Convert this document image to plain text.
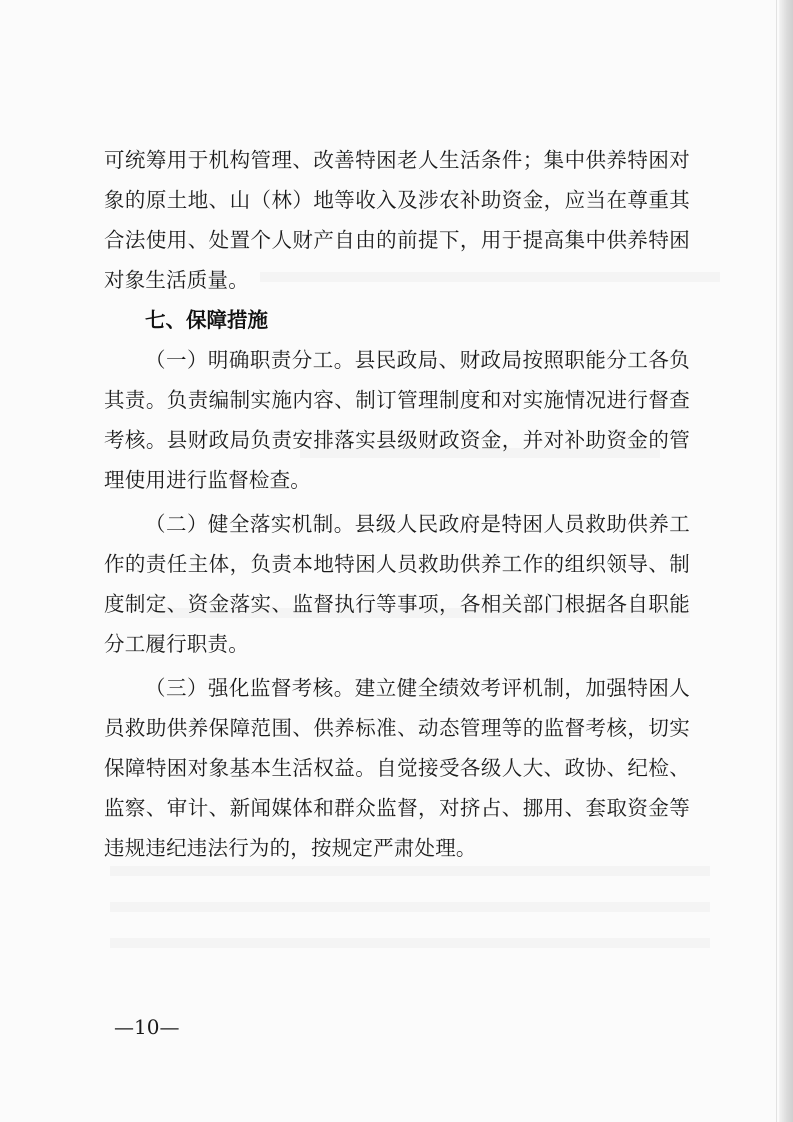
可统筹用于机构管理、改善特困老人生活条件；集中供养特困对象的原土地、山（林）地等收入及涉农补助资金，应当在尊重其合法使用、处置个人财产自由的前提下，用于提高集中供养特困对象生活质量。

七、保障措施

（一）明确职责分工。县民政局、财政局按照职能分工各负其责。负责编制实施内容、制订管理制度和对实施情况进行督查考核。县财政局负责安排落实县级财政资金，并对补助资金的管理使用进行监督检查。

（二）健全落实机制。县级人民政府是特困人员救助供养工作的责任主体，负责本地特困人员救助供养工作的组织领导、制度制定、资金落实、监督执行等事项，各相关部门根据各自职能分工履行职责。

（三）强化监督考核。建立健全绩效考评机制，加强特困人员救助供养保障范围、供养标准、动态管理等的监督考核，切实保障特困对象基本生活权益。自觉接受各级人大、政协、纪检、监察、审计、新闻媒体和群众监督，对挤占、挪用、套取资金等违规违纪违法行为的，按规定严肃处理。

—10—
